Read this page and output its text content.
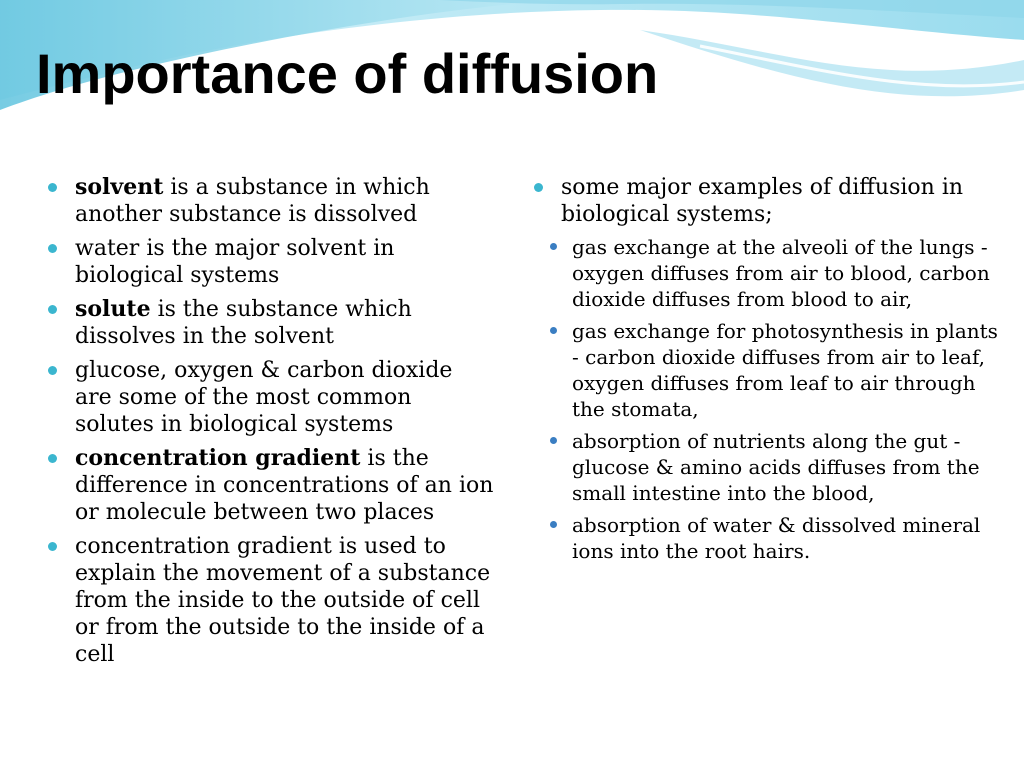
Importance of diffusion
solvent is a substance in which another substance is dissolved
water is the major solvent in biological systems
solute is the substance which dissolves in the solvent
glucose, oxygen & carbon dioxide are some of the most common solutes in biological systems
concentration gradient is the difference in concentrations of an ion or molecule between two places
concentration gradient is used to explain the movement of a substance from the inside to the outside of cell or from the outside to the inside of a cell
some major examples of diffusion in biological systems;
gas exchange at the alveoli of the lungs - oxygen diffuses from air to blood, carbon dioxide diffuses from blood to air,
gas exchange for photosynthesis in plants - carbon dioxide diffuses from air to leaf, oxygen diffuses from leaf to air through the stomata,
absorption of nutrients along the gut - glucose & amino acids diffuses from the small intestine into the blood,
absorption of water & dissolved mineral ions into the root hairs.
